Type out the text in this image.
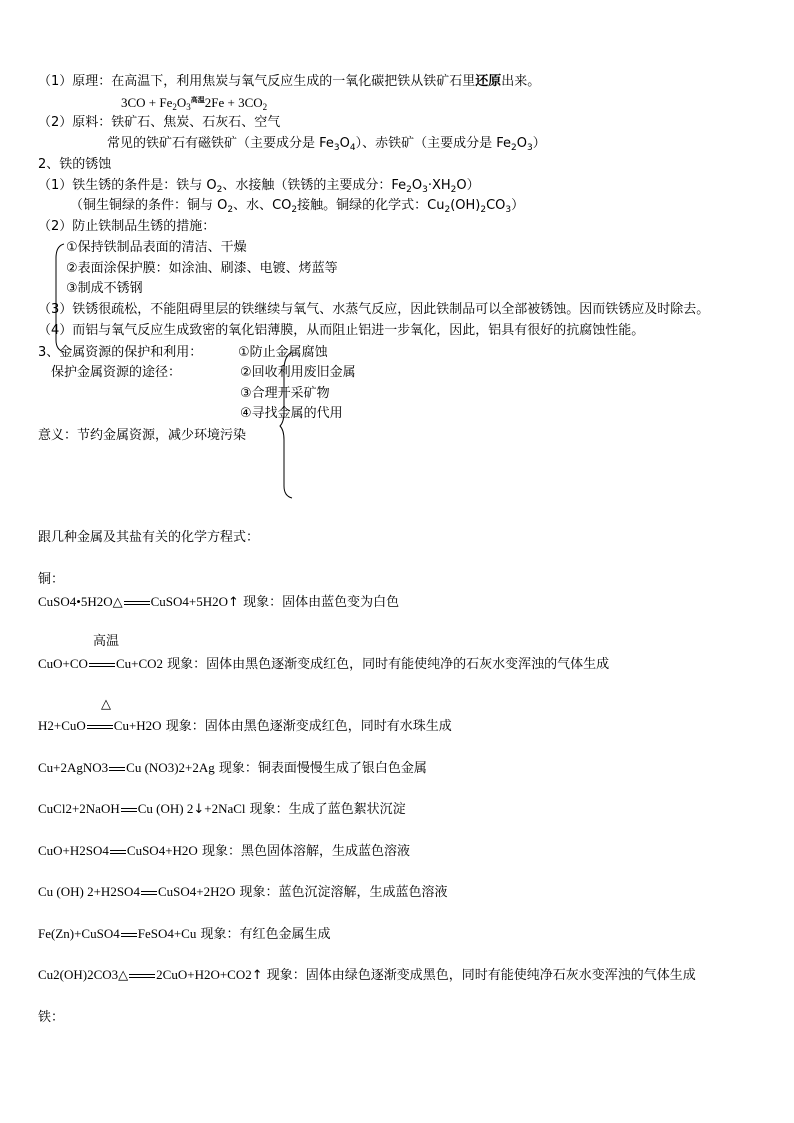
（1）原理：在高温下，利用焦炭与氧气反应生成的一氧化碳把铁从铁矿石里还原出来。
$3CO + Fe_2O_3^{高温}2Fe + 3CO_2$
（2）原料：铁矿石、焦炭、石灰石、空气
常见的铁矿石有磁铁矿（主要成分是 $Fe_3O_4$）、赤铁矿（主要成分是 $Fe_2O_3$）
2、铁的锈蚀
（1）铁生锈的条件是：铁与 $O_2$、水接触（铁锈的主要成分：$Fe_2O_3\cdot XH_2O$）
（铜生铜绿的条件：铜与 $O_2$、水、$CO_2$接触。铜绿的化学式：$Cu_2(OH)_2CO_3$）
（2）防止铁制品生锈的措施：
①保持铁制品表面的清洁、干燥
②表面涂保护膜：如涂油、刷漆、电镀、烤蓝等
③制成不锈钢
（3）铁锈很疏松，不能阻碍里层的铁继续与氧气、水蒸气反应，因此铁制品可以全部被锈蚀。因而铁锈应及时除去。
（4）而铝与氧气反应生成致密的氧化铝薄膜，从而阻止铝进一步氧化，因此，铝具有很好的抗腐蚀性能。
3、金属资源的保护和利用：
保护金属资源的途径：
①防止金属腐蚀
②回收利用废旧金属
③合理开采矿物
④寻找金属的代用
意义：节约金属资源，减少环境污染
跟几种金属及其盐有关的化学方程式：
铜：
CuSO4•5H2O△ CuSO4+5H2O↑ 现象：固体由蓝色变为白色
高温
CuO+CO Cu+CO2 现象：固体由黑色逐渐变成红色，同时有能使纯净的石灰水变浑浊的气体生成
△
H2+CuO Cu+H2O 现象：固体由黑色逐渐变成红色，同时有水珠生成
Cu+2AgNO3 Cu (NO3)2+2Ag 现象：铜表面慢慢生成了银白色金属
CuCl2+2NaOH Cu (OH) 2↓+2NaCl 现象：生成了蓝色絮状沉淀
CuO+H2SO4 CuSO4+H2O 现象：黑色固体溶解，生成蓝色溶液
Cu (OH) 2+H2SO4 CuSO4+2H2O 现象：蓝色沉淀溶解，生成蓝色溶液
Fe(Zn)+CuSO4 FeSO4+Cu 现象：有红色金属生成
Cu2(OH)2CO3△ 2CuO+H2O+CO2↑ 现象：固体由绿色逐渐变成黑色，同时有能使纯净石灰水变浑浊的气体生成
铁：
